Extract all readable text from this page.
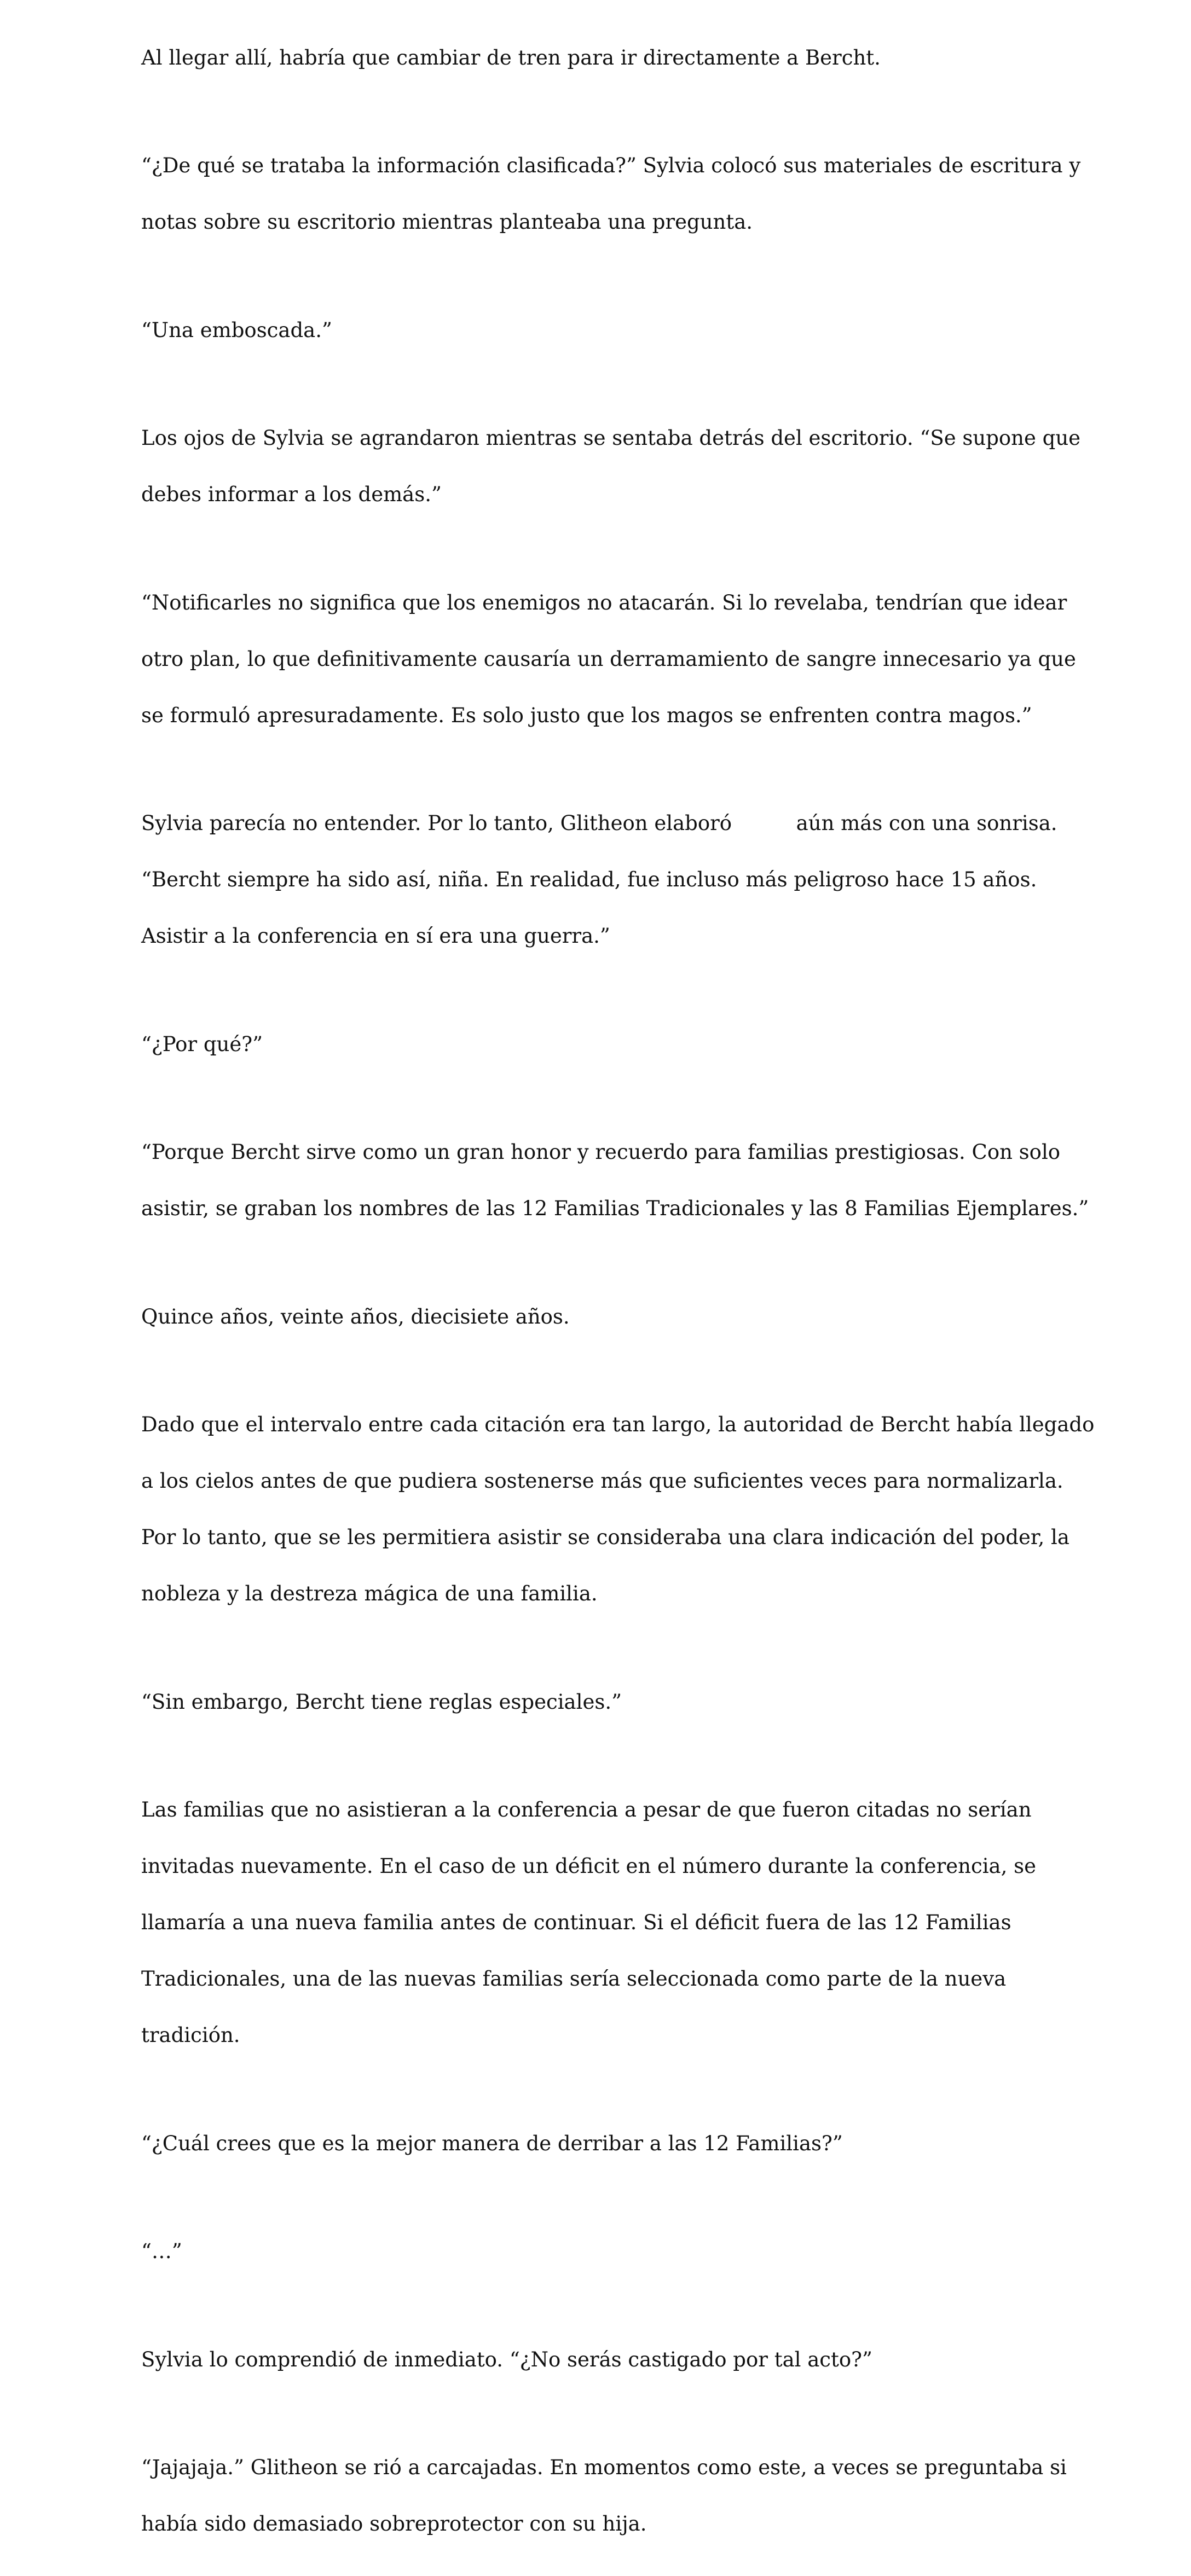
Al llegar allí, habría que cambiar de tren para ir directamente a Bercht.

“¿De qué se trataba la información clasificada?” Sylvia colocó sus materiales de escritura y

notas sobre su escritorio mientras planteaba una pregunta.

“Una emboscada.”

Los ojos de Sylvia se agrandaron mientras se sentaba detrás del escritorio. “Se supone que

debes informar a los demás.”

“Notificarles no significa que los enemigos no atacarán. Si lo revelaba, tendrían que idear

otro plan, lo que definitivamente causaría un derramamiento de sangre innecesario ya que

se formuló apresuradamente. Es solo justo que los magos se enfrenten contra magos.”

Sylvia parecía no entender. Por lo tanto, Glitheon elaboró          aún más con una sonrisa.

“Bercht siempre ha sido así, niña. En realidad, fue incluso más peligroso hace 15 años.

Asistir a la conferencia en sí era una guerra.”

“¿Por qué?”

“Porque Bercht sirve como un gran honor y recuerdo para familias prestigiosas. Con solo

asistir, se graban los nombres de las 12 Familias Tradicionales y las 8 Familias Ejemplares.”

Quince años, veinte años, diecisiete años.

Dado que el intervalo entre cada citación era tan largo, la autoridad de Bercht había llegado

a los cielos antes de que pudiera sostenerse más que suficientes veces para normalizarla.

Por lo tanto, que se les permitiera asistir se consideraba una clara indicación del poder, la

nobleza y la destreza mágica de una familia.

“Sin embargo, Bercht tiene reglas especiales.”

Las familias que no asistieran a la conferencia a pesar de que fueron citadas no serían

invitadas nuevamente. En el caso de un déficit en el número durante la conferencia, se

llamaría a una nueva familia antes de continuar. Si el déficit fuera de las 12 Familias

Tradicionales, una de las nuevas familias sería seleccionada como parte de la nueva

tradición.

“¿Cuál crees que es la mejor manera de derribar a las 12 Familias?”

“…”

Sylvia lo comprendió de inmediato. “¿No serás castigado por tal acto?”

“Jajajaja.” Glitheon se rió a carcajadas. En momentos como este, a veces se preguntaba si

había sido demasiado sobreprotector con su hija.
